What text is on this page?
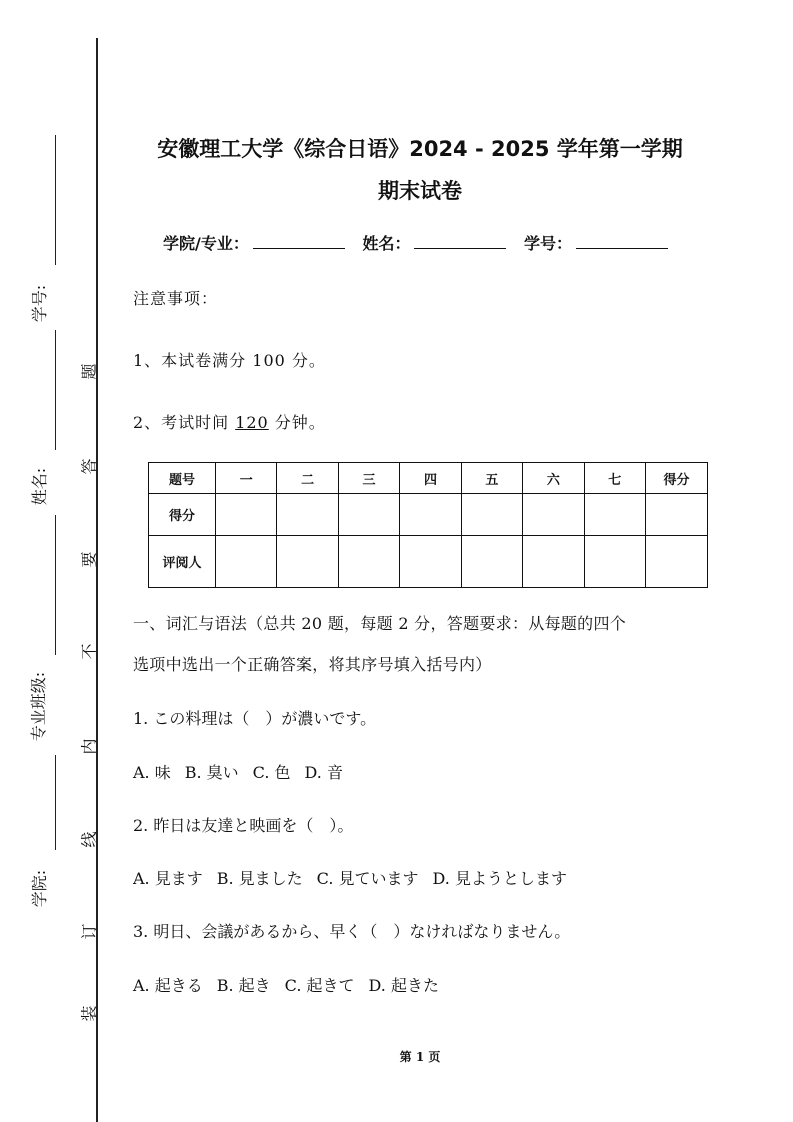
学号:
姓名:
专业班级:
学院:
题
答
要
不
内
线
订
装
安徽理工大学《综合日语》2024 - 2025 学年第一学期
期末试卷
学院/专业：	姓名：	学号：
注意事项：
1、本试卷满分 100 分。
2、考试时间 120 分钟。
题号	一	二	三	四	五	六	七	得分
得分								
评阅人								
一、词汇与语法（总共 20 题，每题 2 分，答题要求：从每题的四个
选项中选出一个正确答案，将其序号填入括号内）
1. この料理は（　）が濃いです。
A. 味 B. 臭い C. 色 D. 音
2. 昨日は友達と映画を（　）。
A. 見ます B. 見ました C. 見ています D. 見ようとします
3. 明日、会議があるから、早く（　）なければなりません。
A. 起きる B. 起き C. 起きて D. 起きた
第 1 页
